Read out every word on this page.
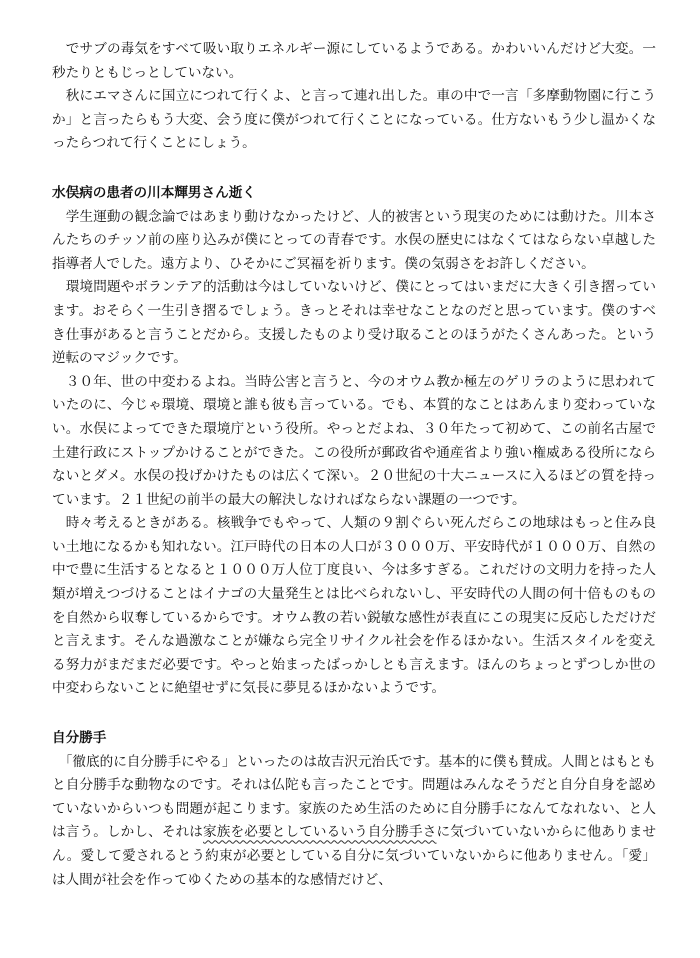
　でサブの毒気をすべて吸い取りエネルギー源にしているようである。かわいいんだけど大変。一秒たりともじっとしていない。

　秋にエマさんに国立につれて行くよ、と言って連れ出した。車の中で一言「多摩動物園に行こうか」と言ったらもう大変、会う度に僕がつれて行くことになっている。仕方ないもう少し温かくなったらつれて行くことにしょう。

水俣病の患者の川本輝男さん逝く

　学生運動の観念論ではあまり動けなかったけど、人的被害という現実のためには動けた。川本さんたちのチッソ前の座り込みが僕にとっての青春です。水俣の歴史にはなくてはならない卓越した指導者人でした。遠方より、ひそかにご冥福を祈ります。僕の気弱さをお許しください。

　環境問題やボランテア的活動は今はしていないけど、僕にとってはいまだに大きく引き摺っています。おそらく一生引き摺るでしょう。きっとそれは幸せなことなのだと思っています。僕のすべき仕事があると言うことだから。支援したものより受け取ることのほうがたくさんあった。という逆転のマジックです。

　３０年、世の中変わるよね。当時公害と言うと、今のオウム教か極左のゲリラのように思われていたのに、今じゃ環境、環境と誰も彼も言っている。でも、本質的なことはあんまり変わっていない。水俣によってできた環境庁という役所。やっとだよね、３０年たって初めて、この前名古屋で土建行政にストップかけることができた。この役所が郵政省や通産省より強い権威ある役所にならないとダメ。水俣の投げかけたものは広くて深い。２０世紀の十大ニュースに入るほどの質を持っています。２１世紀の前半の最大の解決しなければならない課題の一つです。

　時々考えるときがある。核戦争でもやって、人類の９割ぐらい死んだらこの地球はもっと住み良い土地になるかも知れない。江戸時代の日本の人口が３０００万、平安時代が１０００万、自然の中で豊に生活するとなると１０００万人位丁度良い、今は多すぎる。これだけの文明力を持った人類が増えつづけることはイナゴの大量発生とは比べられないし、平安時代の人間の何十倍ものものを自然から収奪しているからです。オウム教の若い鋭敏な感性が表直にこの現実に反応しただけだと言えます。そんな過激なことが嫌なら完全リサイクル社会を作るほかない。生活スタイルを変える努力がまだまだ必要です。やっと始まったばっかしとも言えます。ほんのちょっとずつしか世の中変わらないことに絶望せずに気長に夢見るほかないようです。

自分勝手

　「徹底的に自分勝手にやる」といったのは故吉沢元治氏です。基本的に僕も賛成。人間とはもともと自分勝手な動物なのです。それは仏陀も言ったことです。問題はみんなそうだと自分自身を認めていないからいつも問題が起こります。家族のため生活のために自分勝手になんてなれない、と人は言う。しかし、それは家族を必要としているいう自分勝手さに気づいていないからに他ありません。愛して愛されるとう約束が必要としている自分に気づいていないからに他ありません。「愛」は人間が社会を作ってゆくための基本的な感情だけど、
